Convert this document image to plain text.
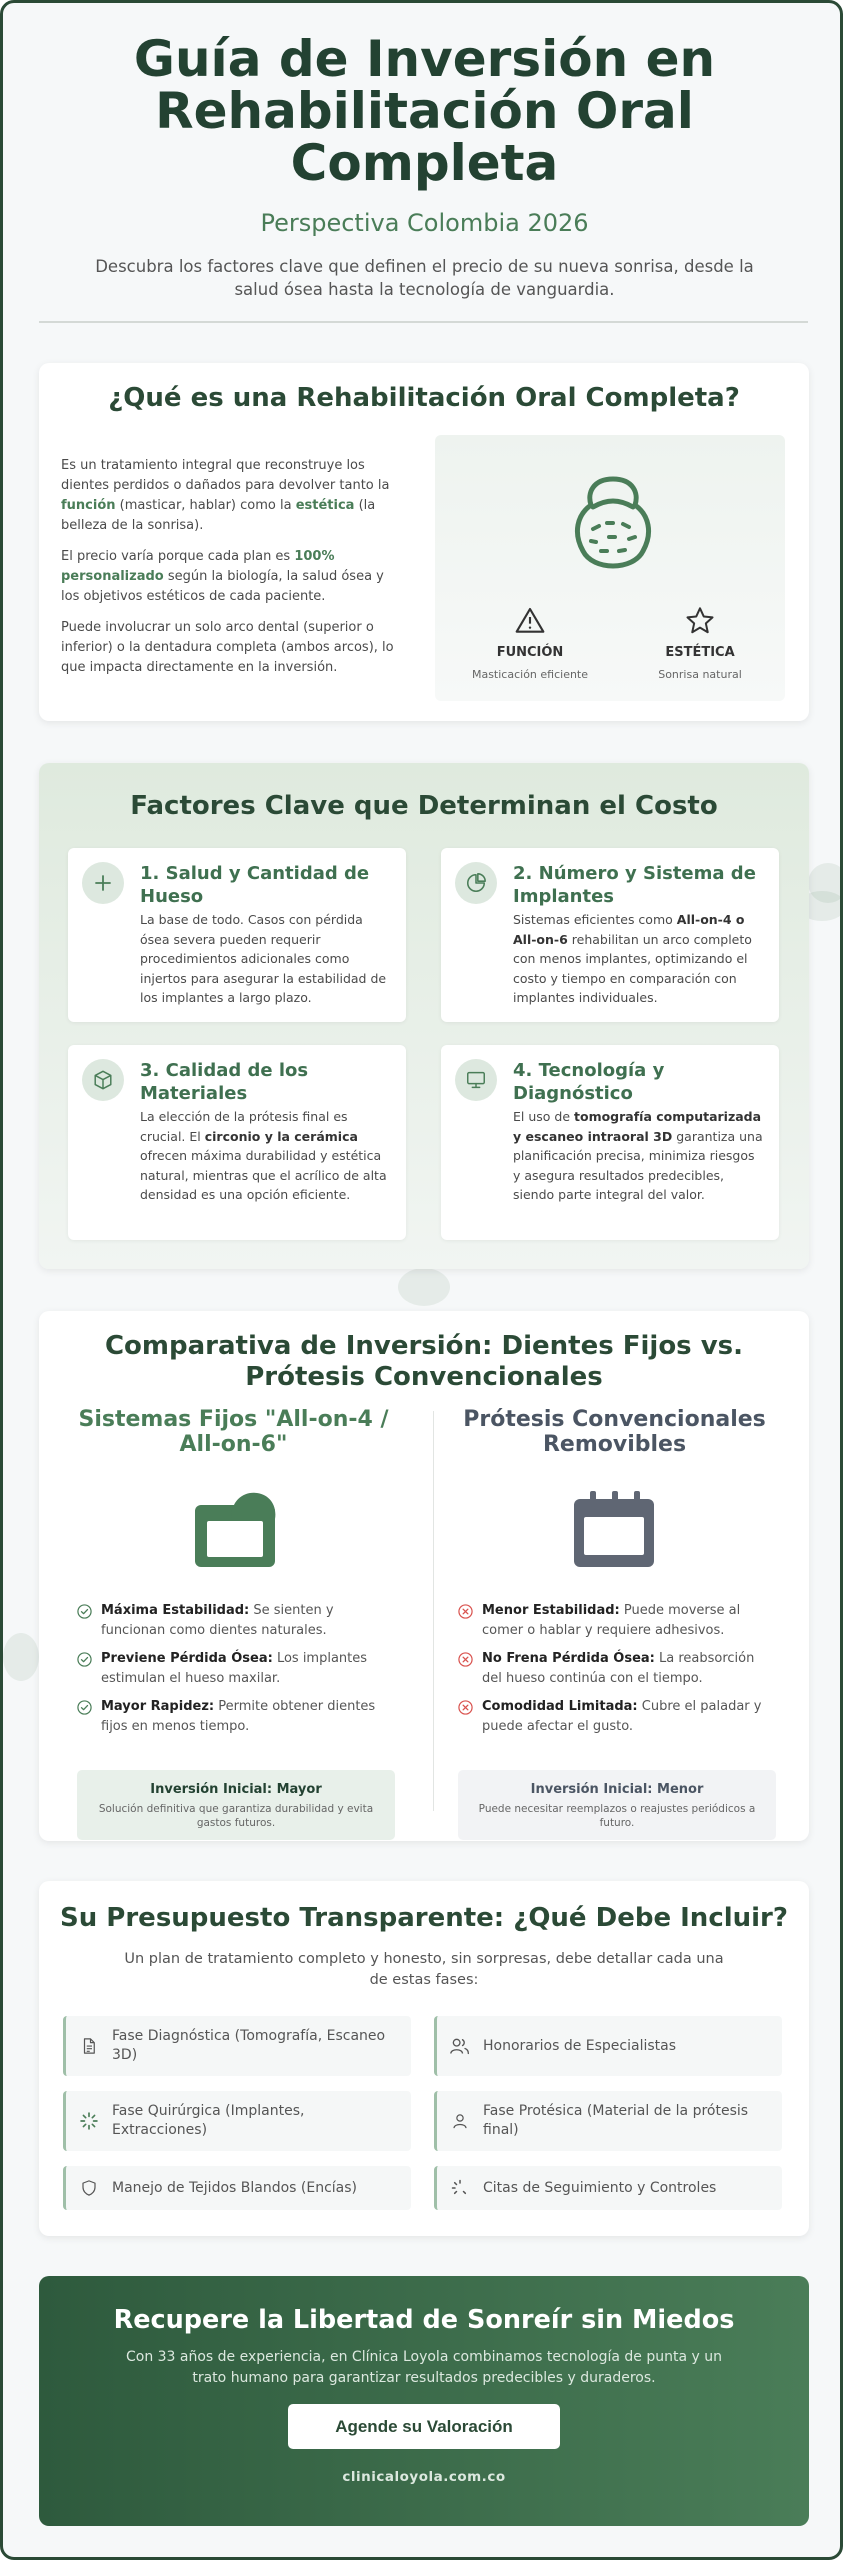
Guía de Inversión en Rehabilitación Oral Completa
Perspectiva Colombia 2026
Descubra los factores clave que definen el precio de su nueva sonrisa, desde la salud ósea hasta la tecnología de vanguardia.
¿Qué es una Rehabilitación Oral Completa?

Es un tratamiento integral que reconstruye los dientes perdidos o dañados para devolver tanto la función (masticar, hablar) como la estética (la belleza de la sonrisa).

El precio varía porque cada plan es 100% personalizado según la biología, la salud ósea y los objetivos estéticos de cada paciente.

Puede involucrar un solo arco dental (superior o inferior) o la dentadura completa (ambos arcos), lo que impacta directamente en la inversión.

FUNCIÓN
Masticación eficiente
ESTÉTICA
Sonrisa natural
Factores Clave que Determinan el Costo
1. Salud y Cantidad de Hueso
La base de todo. Casos con pérdida ósea severa pueden requerir procedimientos adicionales como injertos para asegurar la estabilidad de los implantes a largo plazo.
2. Número y Sistema de Implantes
Sistemas eficientes como All-on-4 o All-on-6 rehabilitan un arco completo con menos implantes, optimizando el costo y tiempo en comparación con implantes individuales.
3. Calidad de los Materiales
La elección de la prótesis final es crucial. El circonio y la cerámica ofrecen máxima durabilidad y estética natural, mientras que el acrílico de alta densidad es una opción eficiente.
4. Tecnología y Diagnóstico
El uso de tomografía computarizada y escaneo intraoral 3D garantiza una planificación precisa, minimiza riesgos y asegura resultados predecibles, siendo parte integral del valor.
Comparativa de Inversión: Dientes Fijos vs. Prótesis Convencionales
Sistemas Fijos "All-on-4 / All-on-6"
Máxima Estabilidad: Se sienten y funcionan como dientes naturales.
Previene Pérdida Ósea: Los implantes estimulan el hueso maxilar.
Mayor Rapidez: Permite obtener dientes fijos en menos tiempo.
Inversión Inicial: Mayor
Solución definitiva que garantiza durabilidad y evita gastos futuros.
Prótesis Convencionales Removibles
Menor Estabilidad: Puede moverse al comer o hablar y requiere adhesivos.
No Frena Pérdida Ósea: La reabsorción del hueso continúa con el tiempo.
Comodidad Limitada: Cubre el paladar y puede afectar el gusto.
Inversión Inicial: Menor
Puede necesitar reemplazos o reajustes periódicos a futuro.
Su Presupuesto Transparente: ¿Qué Debe Incluir?
Un plan de tratamiento completo y honesto, sin sorpresas, debe detallar cada una de estas fases:
Fase Diagnóstica (Tomografía, Escaneo 3D)
Honorarios de Especialistas
Fase Quirúrgica (Implantes, Extracciones)
Fase Protésica (Material de la prótesis final)
Manejo de Tejidos Blandos (Encías)	Citas de Seguimiento y Controles
Recupere la Libertad de Sonreír sin Miedos
Con 33 años de experiencia, en Clínica Loyola combinamos tecnología de punta y un trato humano para garantizar resultados predecibles y duraderos.
Agende su Valoración
clinicaloyola.com.co
